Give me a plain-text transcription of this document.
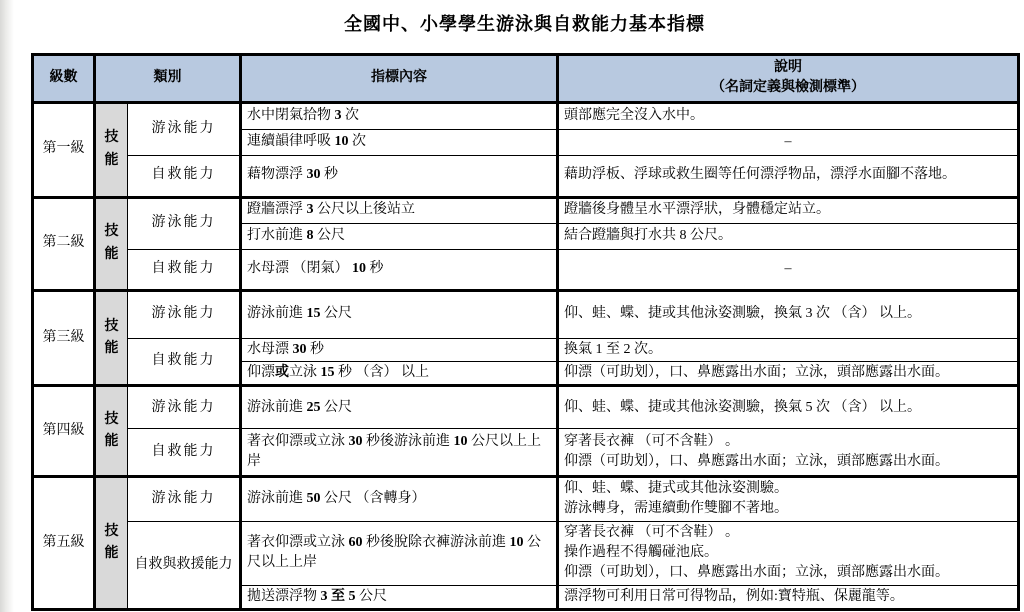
全國中、小學學生游泳與自救能力基本指標
級數	類別		指標內容	說明
（名詞定義與檢測標準）

第一級	技能	游泳能力	水中閉氣拾物 3 次	頭部應完全沒入水中。
			連續韻律呼吸 10 次	–
		自救能力	藉物漂浮 30 秒	藉助浮板、浮球或救生圈等任何漂浮物品，漂浮水面腳不落地。
第二級	技能	游泳能力	蹬牆漂浮 3 公尺以上後站立	蹬牆後身體呈水平漂浮狀，身體穩定站立。
			打水前進 8 公尺	結合蹬牆與打水共 8 公尺。
		自救能力	水母漂 （閉氣） 10 秒	–
第三級	技能	游泳能力	游泳前進 15 公尺	仰、蛙、蝶、捷或其他泳姿測驗，換氣 3 次 （含） 以上。
		自救能力	水母漂 30 秒	換氣 1 至 2 次。
			仰漂或立泳 15 秒 （含） 以上	仰漂（可助划），口、鼻應露出水面；立泳，頭部應露出水面。
第四級	技能	游泳能力	游泳前進 25 公尺	仰、蛙、蝶、捷或其他泳姿測驗，換氣 5 次 （含） 以上。
		自救能力	著衣仰漂或立泳 30 秒後游泳前進 10 公尺以上上岸	穿著長衣褲 （可不含鞋） 。
仰漂（可助划），口、鼻應露出水面；立泳，頭部應露出水面。
第五級	技能	游泳能力	游泳前進 50 公尺 （含轉身）	仰、蛙、蝶、捷式或其他泳姿測驗。
游泳轉身，需連續動作雙腳不著地。
		自救與救援能力	著衣仰漂或立泳 60 秒後脫除衣褲游泳前進 10 公尺以上上岸	穿著長衣褲 （可不含鞋） 。
操作過程不得觸碰池底。
仰漂（可助划），口、鼻應露出水面；立泳，頭部應露出水面。
			拋送漂浮物 3 至 5 公尺	漂浮物可利用日常可得物品，例如:寶特瓶、保麗龍等。
